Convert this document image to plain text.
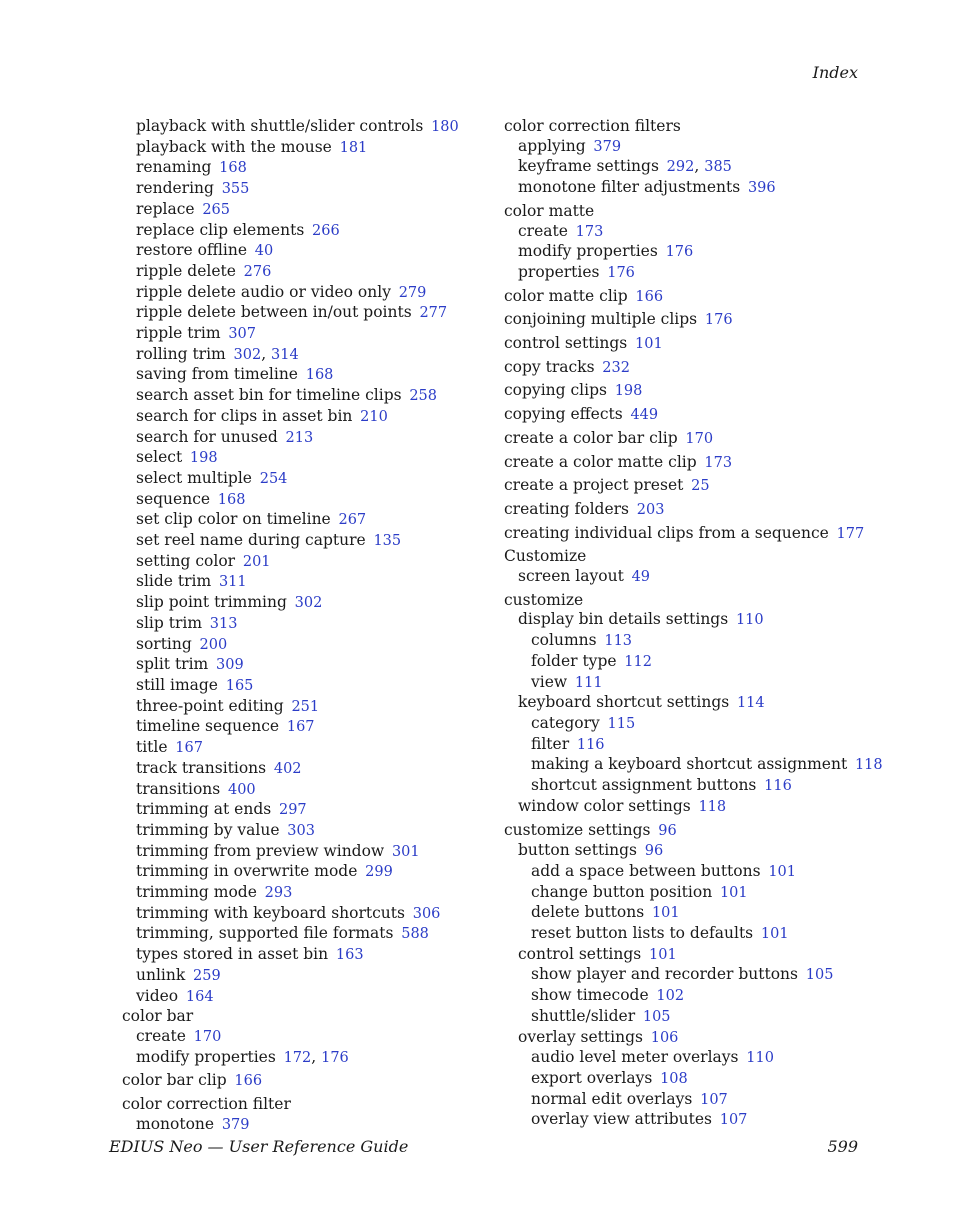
Index
playback with shuttle/slider controls  180
playback with the mouse  181
renaming  168
rendering  355
replace  265
replace clip elements  266
restore offline  40
ripple delete  276
ripple delete audio or video only  279
ripple delete between in/out points  277
ripple trim  307
rolling trim  302, 314
saving from timeline  168
search asset bin for timeline clips  258
search for clips in asset bin  210
search for unused  213
select  198
select multiple  254
sequence  168
set clip color on timeline  267
set reel name during capture  135
setting color  201
slide trim  311
slip point trimming  302
slip trim  313
sorting  200
split trim  309
still image  165
three-point editing  251
timeline sequence  167
title  167
track transitions  402
transitions  400
trimming at ends  297
trimming by value  303
trimming from preview window  301
trimming in overwrite mode  299
trimming mode  293
trimming with keyboard shortcuts  306
trimming, supported file formats  588
types stored in asset bin  163
unlink  259
video  164
color bar
create  170
modify properties  172, 176
color bar clip  166
color correction filter
monotone  379
color correction filters
applying  379
keyframe settings  292, 385
monotone filter adjustments  396
color matte
create  173
modify properties  176
properties  176
color matte clip  166
conjoining multiple clips  176
control settings  101
copy tracks  232
copying clips  198
copying effects  449
create a color bar clip  170
create a color matte clip  173
create a project preset  25
creating folders  203
creating individual clips from a sequence  177
Customize
screen layout  49
customize
display bin details settings  110
columns  113
folder type  112
view  111
keyboard shortcut settings  114
category  115
filter  116
making a keyboard shortcut assignment  118
shortcut assignment buttons  116
window color settings  118
customize settings  96
button settings  96
add a space between buttons  101
change button position  101
delete buttons  101
reset button lists to defaults  101
control settings  101
show player and recorder buttons  105
show timecode  102
shuttle/slider  105
overlay settings  106
audio level meter overlays  110
export overlays  108
normal edit overlays  107
overlay view attributes  107
EDIUS Neo — User Reference Guide	599
